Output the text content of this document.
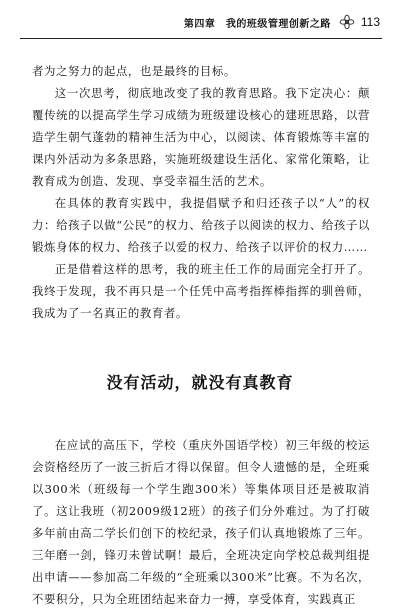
第四章　我的班级管理创新之路	113

者为之努力的起点，也是最终的目标。

这一次思考，彻底地改变了我的教育思路。我下定决心：颠覆传统的以提高学生学习成绩为班级建设核心的建班思路，以营造学生朝气蓬勃的精神生活为中心，以阅读、体育锻炼等丰富的课内外活动为多条思路，实施班级建设生活化、家常化策略，让教育成为创造、发现、享受幸福生活的艺术。

在具体的教育实践中，我提倡赋予和归还孩子以“人”的权力：给孩子以做“公民”的权力、给孩子以阅读的权力、给孩子以锻炼身体的权力、给孩子以爱的权力、给孩子以评价的权力……

正是借着这样的思考，我的班主任工作的局面完全打开了。我终于发现，我不再只是一个任凭中高考指挥棒指挥的驯兽师，我成为了一名真正的教育者。

没有活动，就没有真教育

在应试的高压下，学校（重庆外国语学校）初三年级的校运会资格经历了一波三折后才得以保留。但令人遗憾的是，全班乘以300米（班级每一个学生跑300米）等集体项目还是被取消了。这让我班（初2009级12班）的孩子们分外难过。为了打破多年前由高二学长们创下的校纪录，孩子们认真地锻炼了三年。三年磨一剑，锋刃未曾试啊！最后，全班决定向学校总裁判组提出申请——参加高二年级的“全班乘以300米”比赛。不为名次，不要积分，只为全班团结起来奋力一搏，享受体育，实践真正
